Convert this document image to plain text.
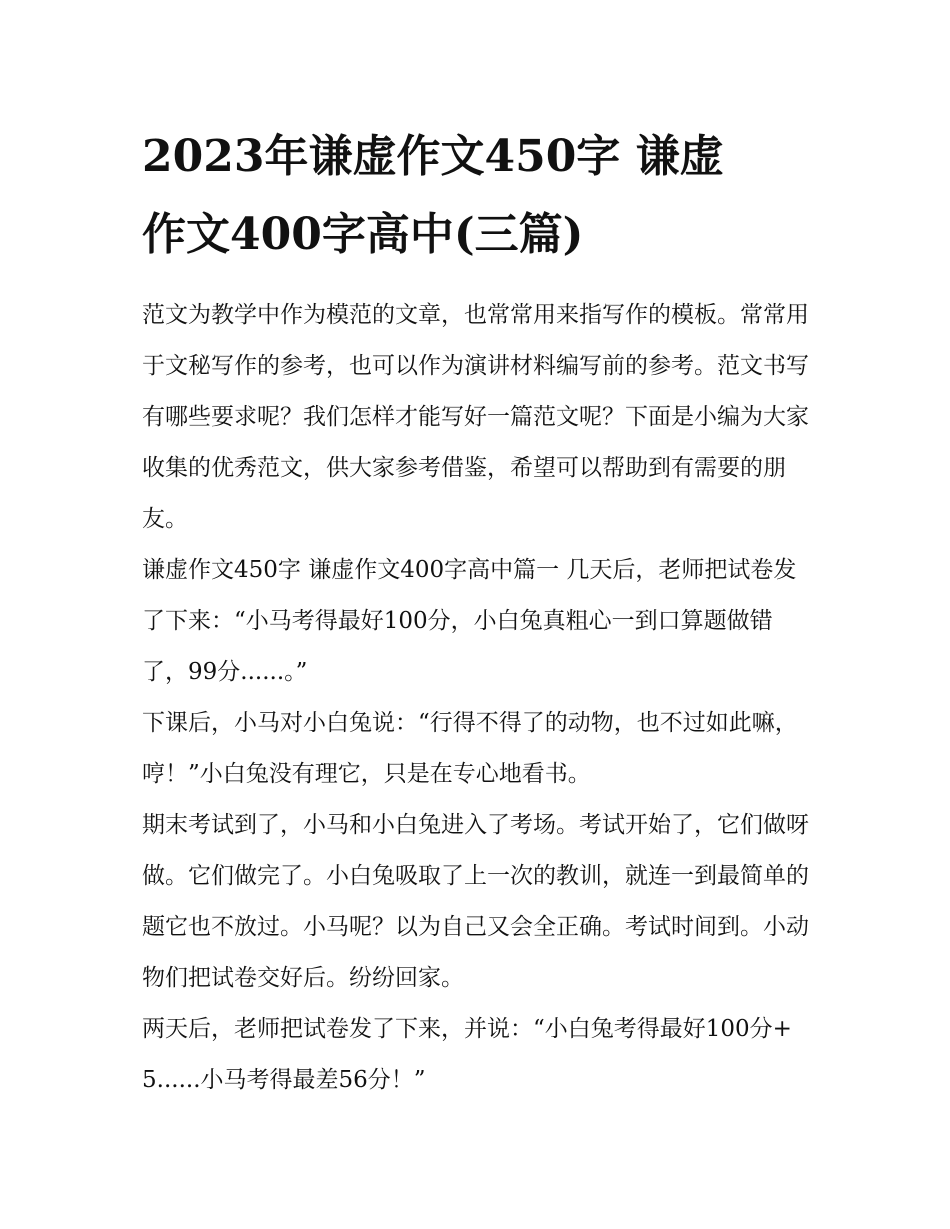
2023年谦虚作文450字 谦虚
作文400字高中(三篇)

范文为教学中作为模范的文章，也常常用来指写作的模板。常常用于文秘写作的参考，也可以作为演讲材料编写前的参考。范文书写有哪些要求呢？我们怎样才能写好一篇范文呢？下面是小编为大家收集的优秀范文，供大家参考借鉴，希望可以帮助到有需要的朋友。

谦虚作文450字 谦虚作文400字高中篇一 几天后，老师把试卷发了下来：“小马考得最好100分，小白兔真粗心一到口算题做错了，99分......。”

下课后，小马对小白兔说：“行得不得了的动物，也不过如此嘛，哼！”小白兔没有理它，只是在专心地看书。

期末考试到了，小马和小白兔进入了考场。考试开始了，它们做呀做。它们做完了。小白兔吸取了上一次的教训，就连一到最简单的题它也不放过。小马呢？以为自己又会全正确。考试时间到。小动物们把试卷交好后。纷纷回家。

两天后，老师把试卷发了下来，并说：“小白兔考得最好100分+5......小马考得最差56分！”
